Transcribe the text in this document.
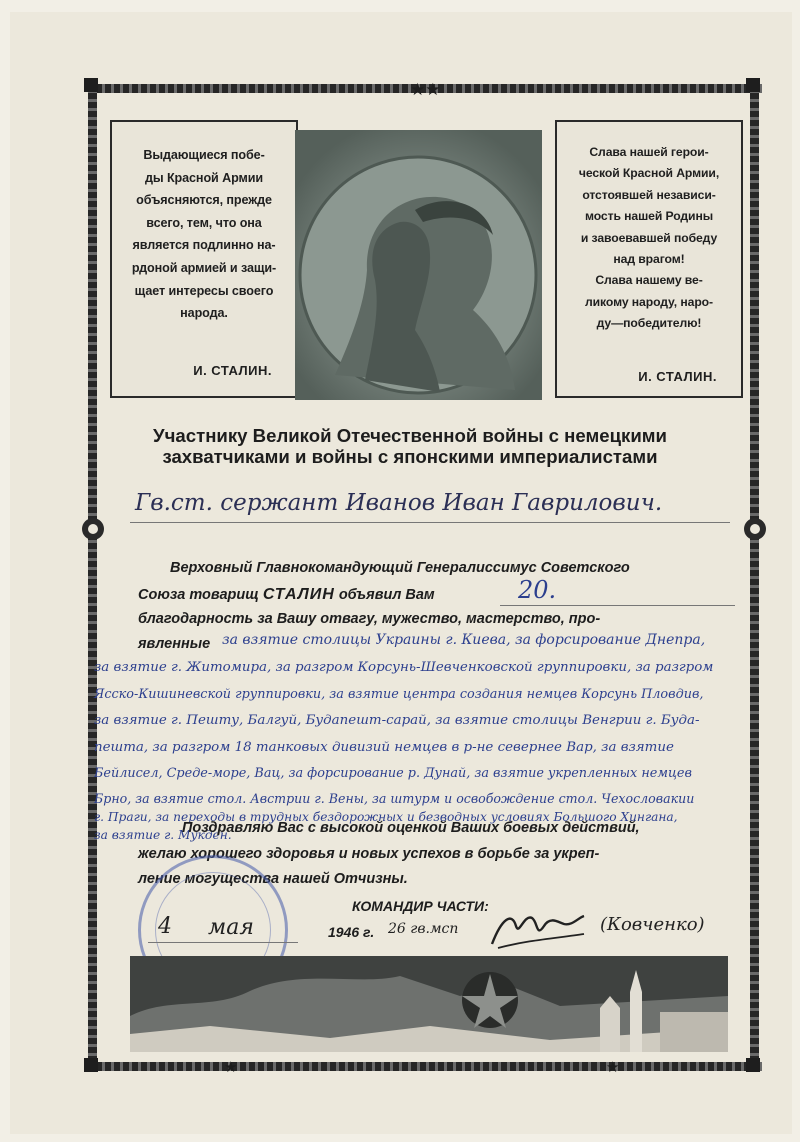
★★
★	★
Выдающиеся побе-
ды Красной Армии
объясняются, прежде
всего, тем, что она
является подлинно на-
рдоной армией и защи-
щает интересы своего
народа.
И. СТАЛИН.
Слава нашей герои-
ческой Красной Армии,
отстоявшей независи-
мость нашей Родины
и завоевавшей победу
над врагом!
Слава нашему ве-
ликому народу, наро-
ду—победителю!
И. СТАЛИН.
Участнику Великой Отечественной войны с немецкими захватчиками и войны с японскими империалистами
Гв.ст. сержант Иванов Иван Гаврилович.
Верховный Главнокомандующий Генералиссимус Советского
Союза товарищ СТАЛИН объявил Вам	20.
благодарность за Вашу отвагу, мужество, мастерство, про-
явленные за взятие столицы Украины г. Киева, за форсирование Днепра,
за взятие г. Житомира, за разгром Корсунь-Шевченковской группировки, за разгром
Ясско-Кишиневской группировки, за взятие центра создания немцев Корсунь Пловдив,
за взятие г. Пешту, Балгуй, Будапешт-сарай, за взятие столицы Венгрии г. Буда-
пешта, за разгром 18 танковых дивизий немцев в р-не севернее Вар, за взятие
Бейлисел, Среде-море, Вац, за форсирование р. Дунай, за взятие укрепленных немцев
Брно, за взятие стол. Австрии г. Вены, за штурм и освобождение стол. Чехословакии
г. Праги, за переходы в трудных бездорожных и безводных условиях Большого Хингана,
за взятие г. Мукден.
Поздравляю Вас с высокой оценкой Ваших боевых действий,
желаю хорошего здоровья и новых успехов в борьбе за укреп-
ление могущества нашей Отчизны.
КОМАНДИР ЧАСТИ:
4 мая	1946 г. 26 гв.мсп	(Ковченко)
